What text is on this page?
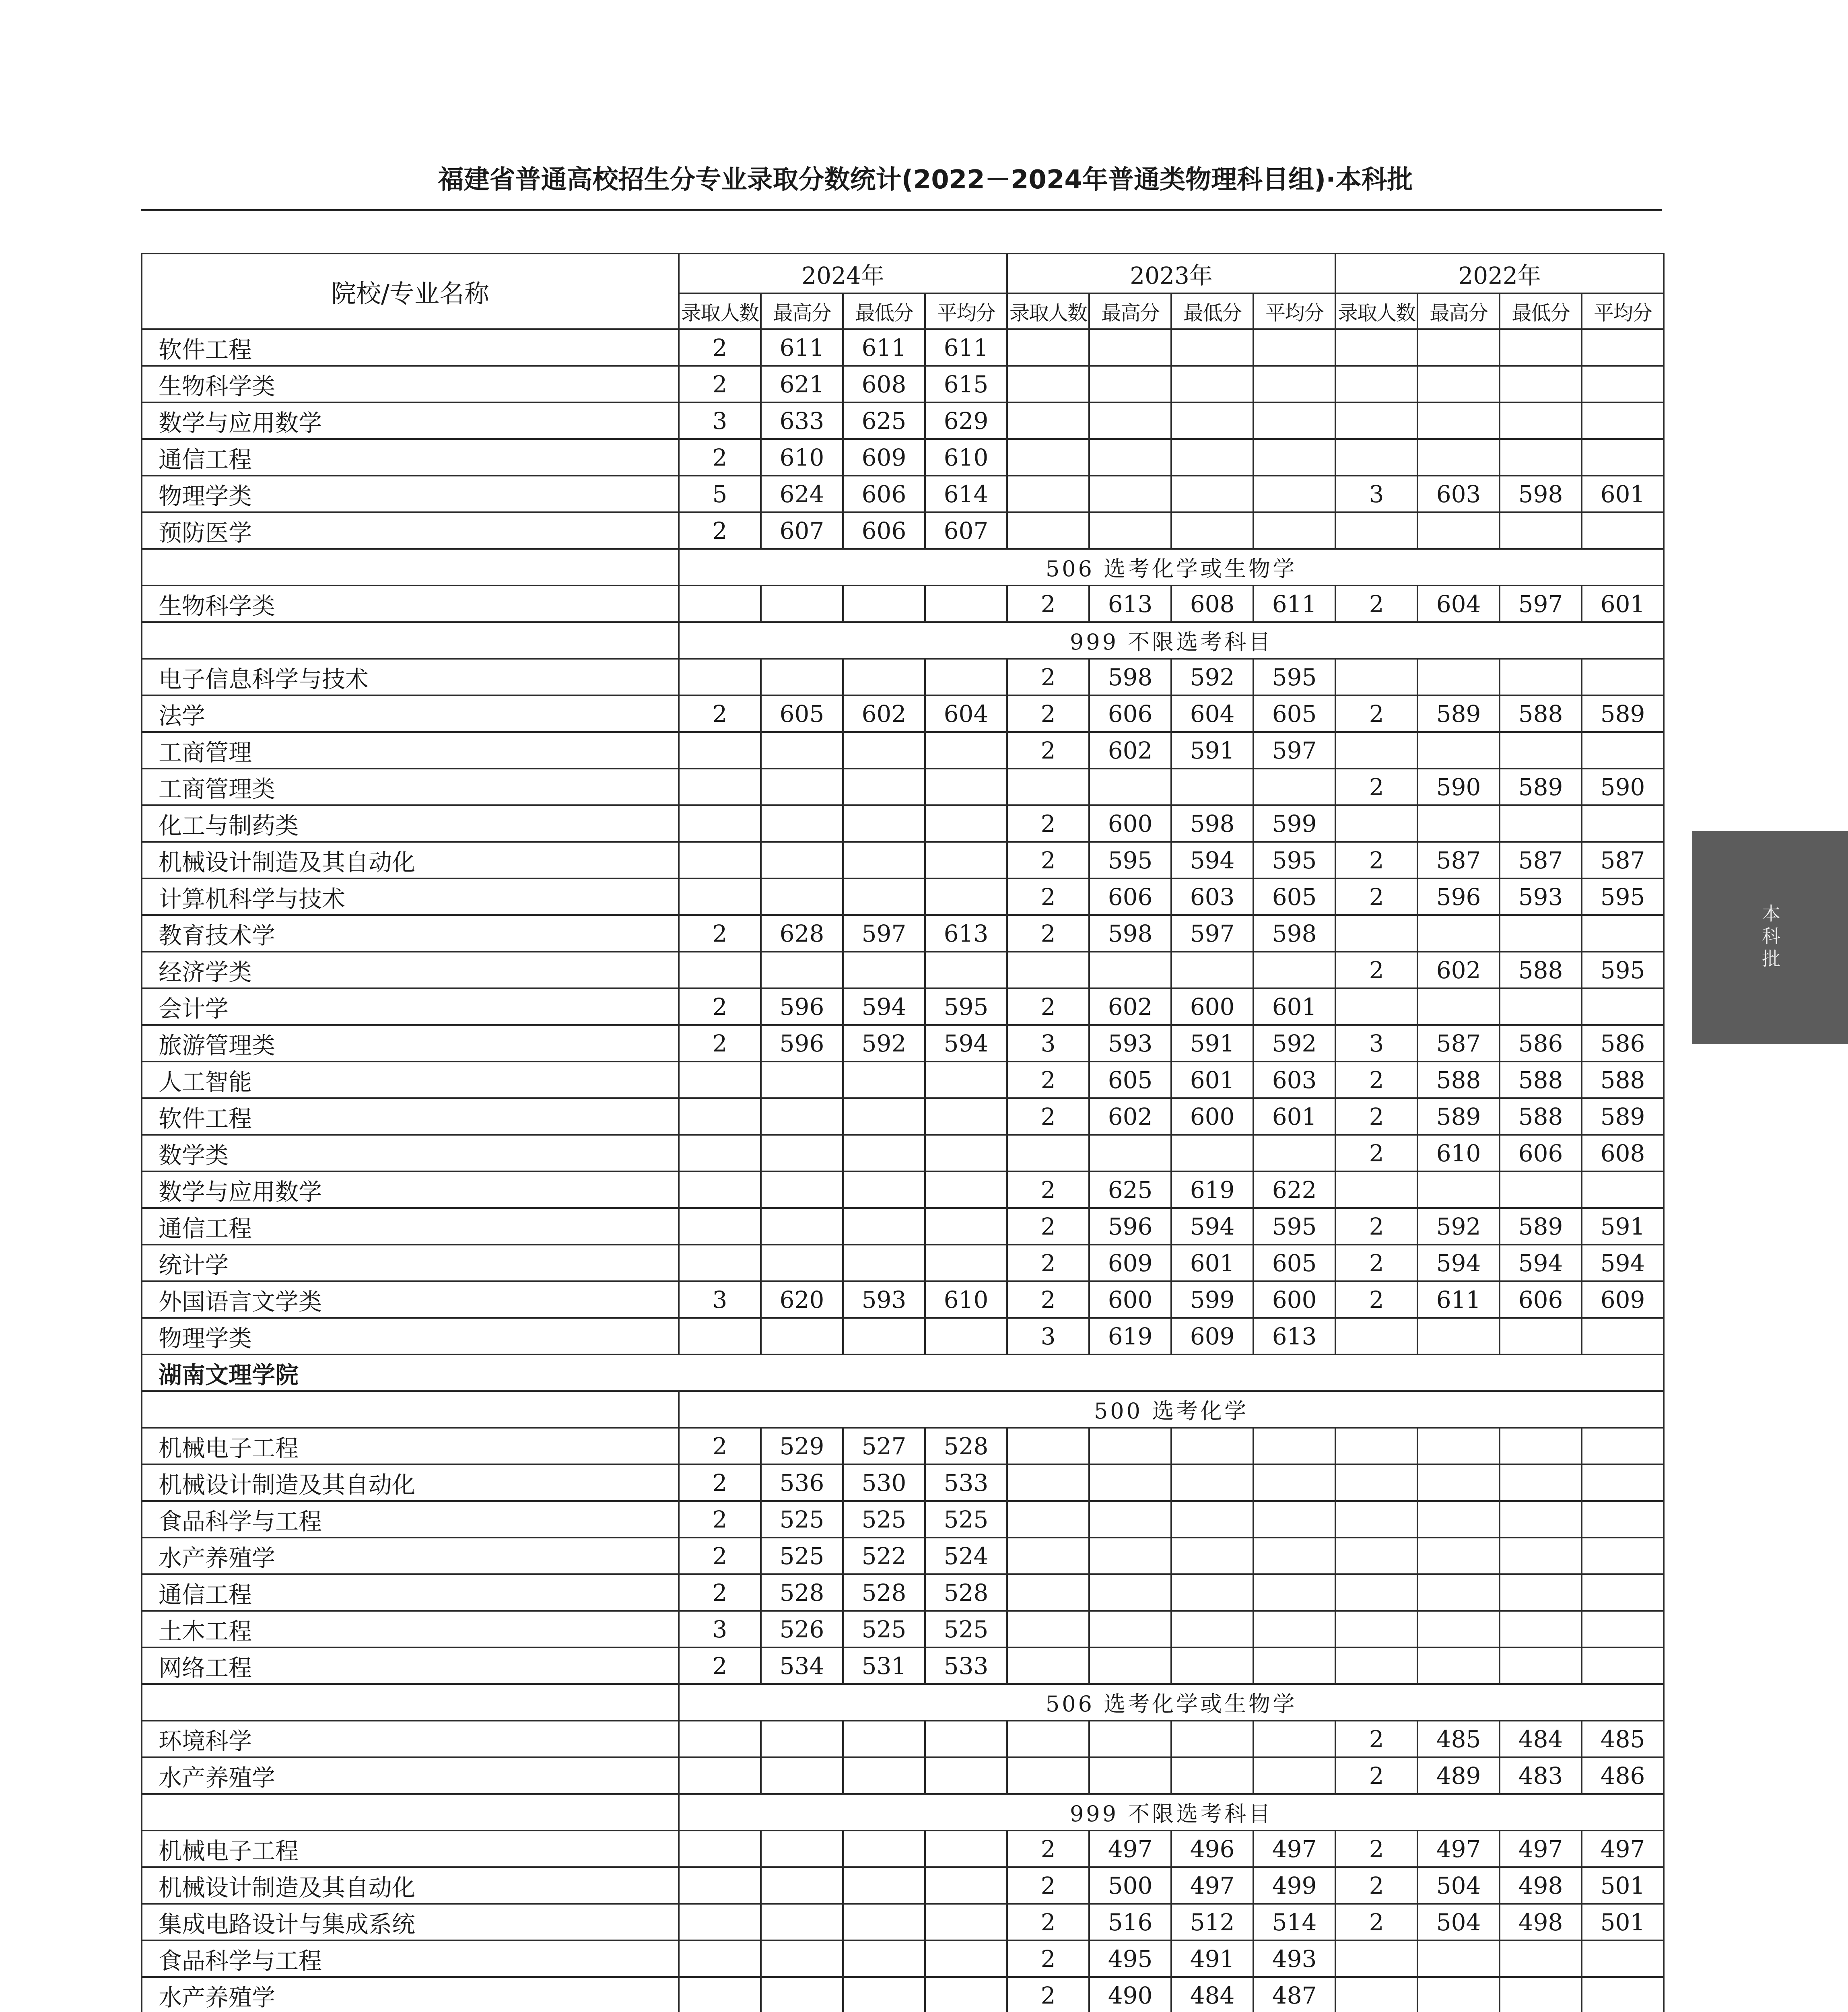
福建省普通高校招生分专业录取分数统计(2022－2024年普通类物理科目组)·本科批
院校/专业名称	2024年				2023年				2022年			
	录取人数	最高分	最低分	平均分	录取人数	最高分	最低分	平均分	录取人数	最高分	最低分	平均分
软件工程	2	611	611	611								
生物科学类	2	621	608	615								
数学与应用数学	3	633	625	629								
通信工程	2	610	609	610								
物理学类	5	624	606	614					3	603	598	601
预防医学	2	607	606	607								
	506 选考化学或生物学											
生物科学类					2	613	608	611	2	604	597	601
	999 不限选考科目											
电子信息科学与技术					2	598	592	595				
法学	2	605	602	604	2	606	604	605	2	589	588	589
工商管理					2	602	591	597				
工商管理类									2	590	589	590
化工与制药类					2	600	598	599				
机械设计制造及其自动化					2	595	594	595	2	587	587	587
计算机科学与技术					2	606	603	605	2	596	593	595
教育技术学	2	628	597	613	2	598	597	598				
经济学类									2	602	588	595
会计学	2	596	594	595	2	602	600	601				
旅游管理类	2	596	592	594	3	593	591	592	3	587	586	586
人工智能					2	605	601	603	2	588	588	588
软件工程					2	602	600	601	2	589	588	589
数学类									2	610	606	608
数学与应用数学					2	625	619	622				
通信工程					2	596	594	595	2	592	589	591
统计学					2	609	601	605	2	594	594	594
外国语言文学类	3	620	593	610	2	600	599	600	2	611	606	609
物理学类					3	619	609	613				
湖南文理学院												
	500 选考化学											
机械电子工程	2	529	527	528								
机械设计制造及其自动化	2	536	530	533								
食品科学与工程	2	525	525	525								
水产养殖学	2	525	522	524								
通信工程	2	528	528	528								
土木工程	3	526	525	525								
网络工程	2	534	531	533								
	506 选考化学或生物学											
环境科学									2	485	484	485
水产养殖学									2	489	483	486
	999 不限选考科目											
机械电子工程					2	497	496	497	2	497	497	497
机械设计制造及其自动化					2	500	497	499	2	504	498	501
集成电路设计与集成系统					2	516	512	514	2	504	498	501
食品科学与工程					2	495	491	493				
水产养殖学					2	490	484	487				

本科批
